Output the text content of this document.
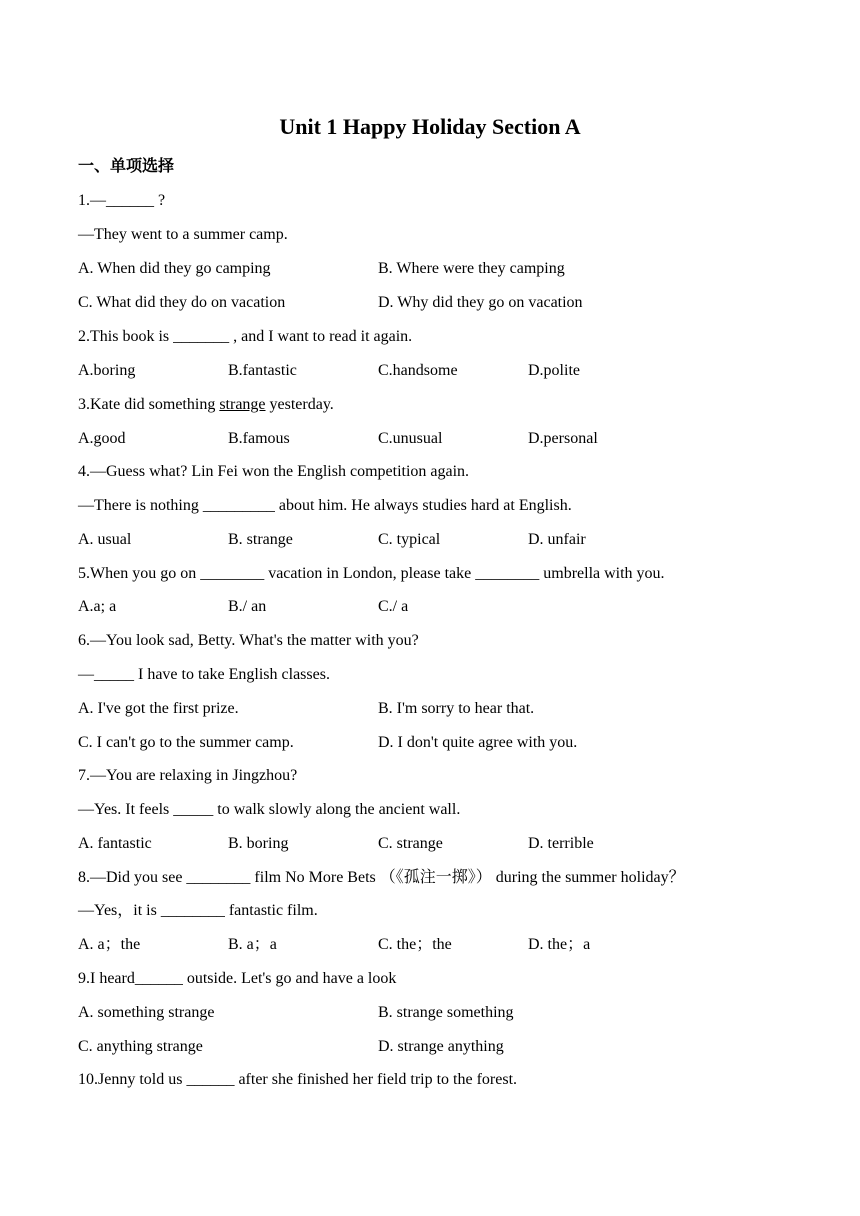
Unit 1 Happy Holiday Section A
一、单项选择
1.—______ ?
—They went to a summer camp.
A. When did they go camping	B. Where were they camping
C. What did they do on vacation	D. Why did they go on vacation
2.This book is _______ , and I want to read it again.
A.boring	B.fantastic	C.handsome	D.polite
3.Kate did something strange yesterday.
A.good	B.famous	C.unusual	D.personal
4.—Guess what? Lin Fei won the English competition again.
—There is nothing _________ about him. He always studies hard at English.
A. usual	B. strange	C. typical	D. unfair
5.When you go on ________ vacation in London, please take ________ umbrella with you.
A.a; a	B./ an	C./ a
6.—You look sad, Betty. What's the matter with you?
—_____ I have to take English classes.
A. I've got the first prize.	B. I'm sorry to hear that.
C. I can't go to the summer camp.	D. I don't quite agree with you.
7.—You are relaxing in Jingzhou?
—Yes. It feels _____ to walk slowly along the ancient wall.
A. fantastic	B. boring	C. strange	D. terrible
8.—Did you see ________ film No More Bets （《孤注一掷》） during the summer holiday？
—Yes，it is ________ fantastic film.
A. a；the	B. a；a	C. the；the	D. the；a
9.I heard______ outside. Let's go and have a look
A. something strange	B. strange something
C. anything strange	D. strange anything
10.Jenny told us ______ after she finished her field trip to the forest.
